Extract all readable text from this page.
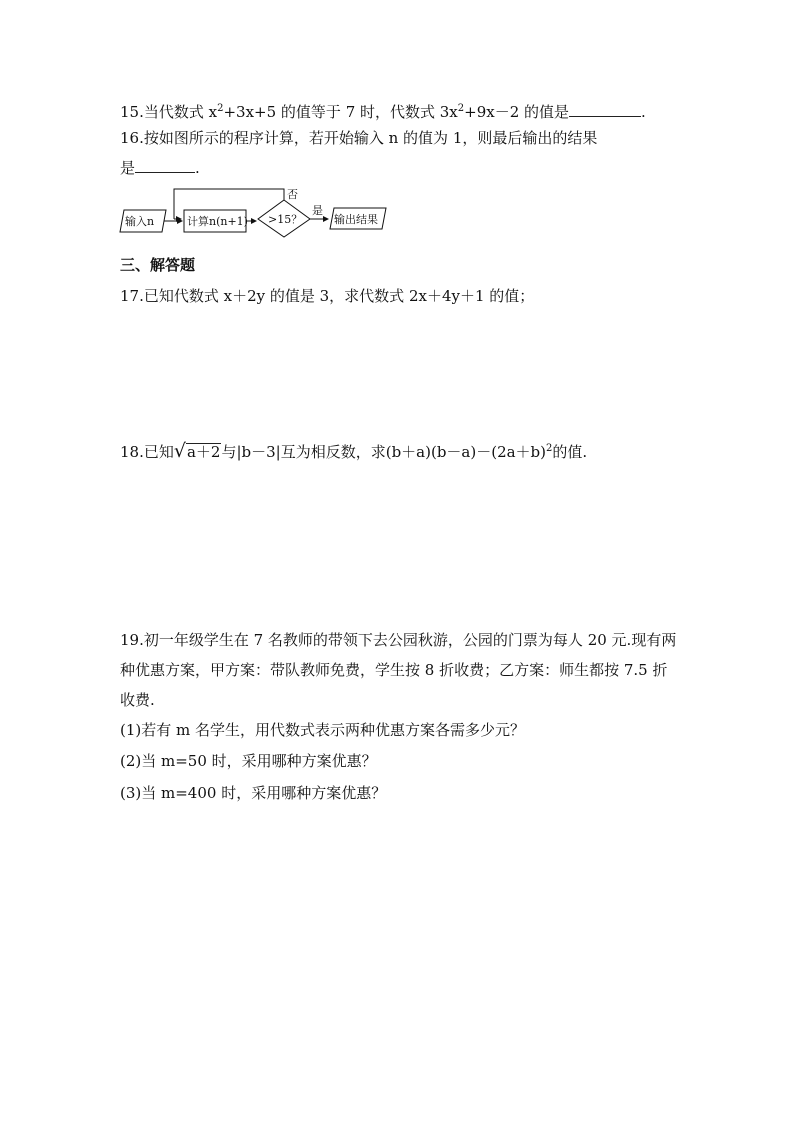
15.当代数式 $x^2+3x+5$ 的值等于 7 时，代数式 $3x^2+9x-2$ 的值是	.
16.按如图所示的程序计算，若开始输入 n 的值为 1，则最后输出的结果
是	.
输入n	计算n(n+1) >15？
否
是
输出结果
三、解答题
17.已知代数式 x＋2y 的值是 3，求代数式 2x＋4y＋1 的值；
18.已知√a＋2与|b－3|互为相反数，求$(b+a)(b-a)-(2a+b)^2$的值.
19.初一年级学生在 7 名教师的带领下去公园秋游，公园的门票为每人 20 元.现有两
种优惠方案，甲方案：带队教师免费，学生按 8 折收费；乙方案：师生都按 7.5 折
收费.
(1)若有 m 名学生，用代数式表示两种优惠方案各需多少元？
(2)当 m=50 时，采用哪种方案优惠？
(3)当 m=400 时，采用哪种方案优惠？
